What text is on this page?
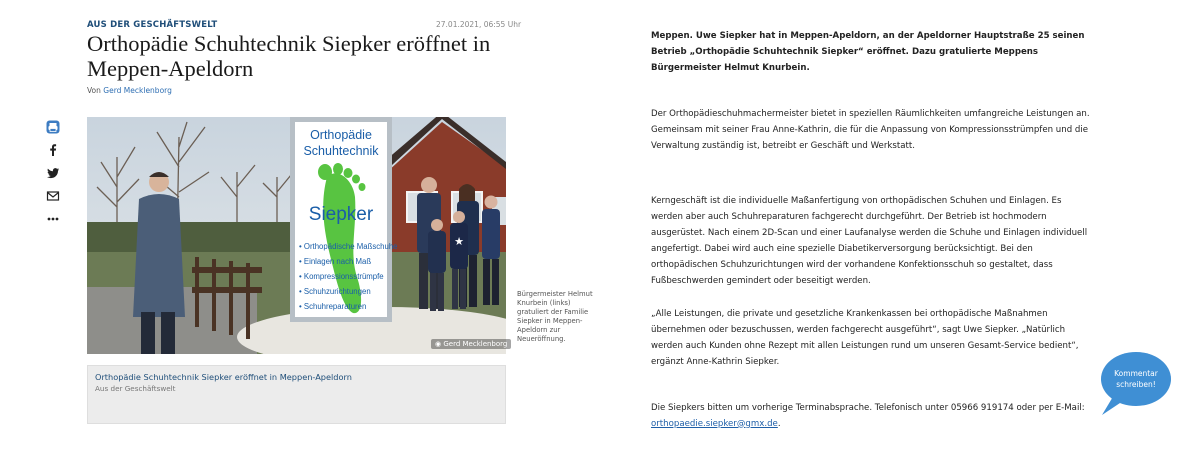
AUS DER GESCHÄFTSWELT	27.01.2021, 06:55 Uhr
Orthopädie Schuhtechnik Siepker eröffnet in Meppen-Apeldorn
Von Gerd Mecklenborg
Orthopädie
Schuhtechnik
Siepker
• Orthopädische Maßschuhe
• Einlagen nach Maß
• Kompressionsstrümpfe
• Schuhzurichtungen
• Schuhreparaturen
★
◉ Gerd Mecklenborg
Bürgermeister Helmut Knurbein (links) gratuliert der Familie Siepker in Meppen-Apeldorn zur Neueröffnung.
Orthopädie Schuhtechnik Siepker eröffnet in Meppen-Apeldorn
Aus der Geschäftswelt

Meppen. Uwe Siepker hat in Meppen-Apeldorn, an der Apeldorner Hauptstraße 25 seinen Betrieb „Orthopädie Schuhtechnik Siepker“ eröffnet. Dazu gratulierte Meppens Bürgermeister Helmut Knurbein.

Der Orthopädieschuhmachermeister bietet in speziellen Räumlichkeiten umfangreiche Leistungen an. Gemeinsam mit seiner Frau Anne-Kathrin, die für die Anpassung von Kompressionsstrümpfen und die Verwaltung zuständig ist, betreibt er Geschäft und Werkstatt.

Kerngeschäft ist die individuelle Maßanfertigung von orthopädischen Schuhen und Einlagen. Es werden aber auch Schuhreparaturen fachgerecht durchgeführt. Der Betrieb ist hochmodern ausgerüstet. Nach einem 2D-Scan und einer Laufanalyse werden die Schuhe und Einlagen individuell angefertigt. Dabei wird auch eine spezielle Diabetikerversorgung berücksichtigt. Bei den orthopädischen Schuhzurichtungen wird der vorhandene Konfektionsschuh so gestaltet, dass Fußbeschwerden gemindert oder beseitigt werden.

„Alle Leistungen, die private und gesetzliche Krankenkassen bei orthopädische Maßnahmen übernehmen oder bezuschussen, werden fachgerecht ausgeführt“, sagt Uwe Siepker. „Natürlich werden auch Kunden ohne Rezept mit allen Leistungen rund um unseren Gesamt-Service bedient“, ergänzt Anne-Kathrin Siepker.

Die Siepkers bitten um vorherige Terminabsprache. Telefonisch unter 05966 919174 oder per E-Mail: orthopaedie.siepker@gmx.de.

Kommentar
schreiben!
